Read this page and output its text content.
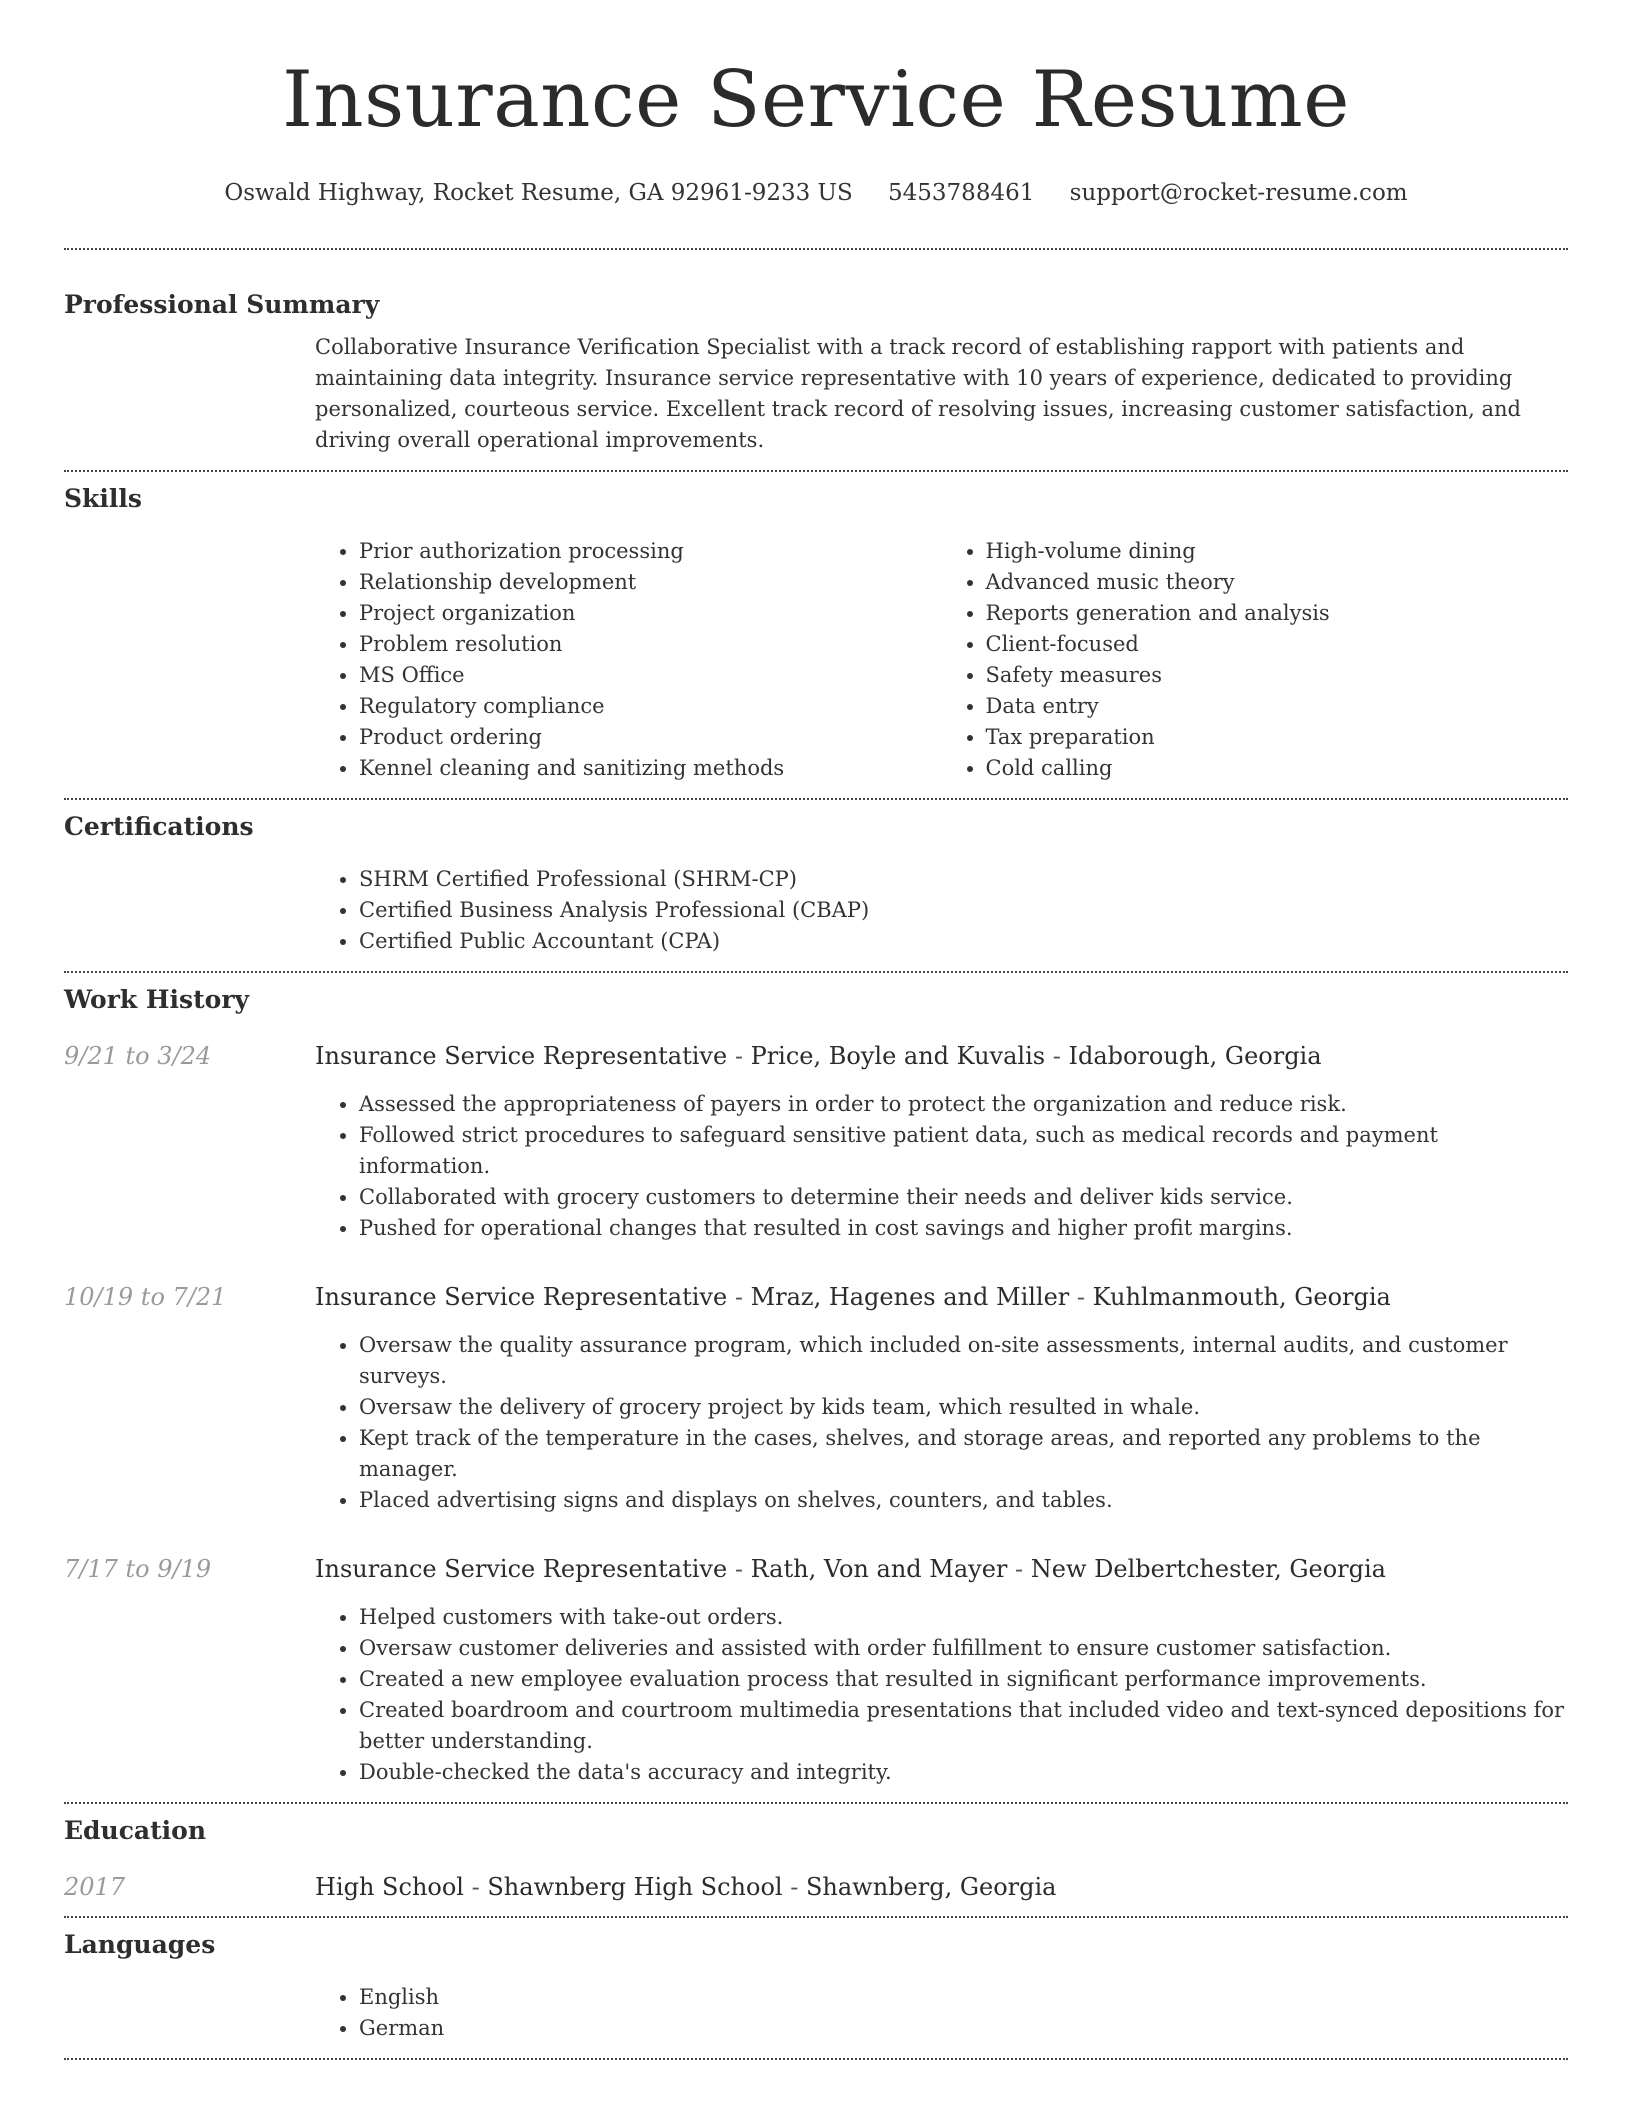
Insurance Service Resume
Oswald Highway, Rocket Resume, GA 92961-9233 US 5453788461 support@rocket-resume.com
Professional Summary
Collaborative Insurance Verification Specialist with a track record of establishing rapport with patients and maintaining data integrity. Insurance service representative with 10 years of experience, dedicated to providing personalized, courteous service. Excellent track record of resolving issues, increasing customer satisfaction, and driving overall operational improvements.
Skills
• Prior authorization processing
• Relationship development
• Project organization
• Problem resolution
• MS Office
• Regulatory compliance
• Product ordering
• Kennel cleaning and sanitizing methods
• High-volume dining
• Advanced music theory
• Reports generation and analysis
• Client-focused
• Safety measures
• Data entry
• Tax preparation
• Cold calling
Certifications
• SHRM Certified Professional (SHRM-CP)
• Certified Business Analysis Professional (CBAP)
• Certified Public Accountant (CPA)
Work History
9/21 to 3/24	Insurance Service Representative - Price, Boyle and Kuvalis - Idaborough, Georgia
• Assessed the appropriateness of payers in order to protect the organization and reduce risk.
• Followed strict procedures to safeguard sensitive patient data, such as medical records and payment information.
• Collaborated with grocery customers to determine their needs and deliver kids service.
• Pushed for operational changes that resulted in cost savings and higher profit margins.
10/19 to 7/21	Insurance Service Representative - Mraz, Hagenes and Miller - Kuhlmanmouth, Georgia
• Oversaw the quality assurance program, which included on-site assessments, internal audits, and customer surveys.
• Oversaw the delivery of grocery project by kids team, which resulted in whale.
• Kept track of the temperature in the cases, shelves, and storage areas, and reported any problems to the manager.
• Placed advertising signs and displays on shelves, counters, and tables.
7/17 to 9/19	Insurance Service Representative - Rath, Von and Mayer - New Delbertchester, Georgia
• Helped customers with take-out orders.
• Oversaw customer deliveries and assisted with order fulfillment to ensure customer satisfaction.
• Created a new employee evaluation process that resulted in significant performance improvements.
• Created boardroom and courtroom multimedia presentations that included video and text-synced depositions for better understanding.
• Double-checked the data's accuracy and integrity.
Education
2017	High School - Shawnberg High School - Shawnberg, Georgia
Languages
• English
• German
